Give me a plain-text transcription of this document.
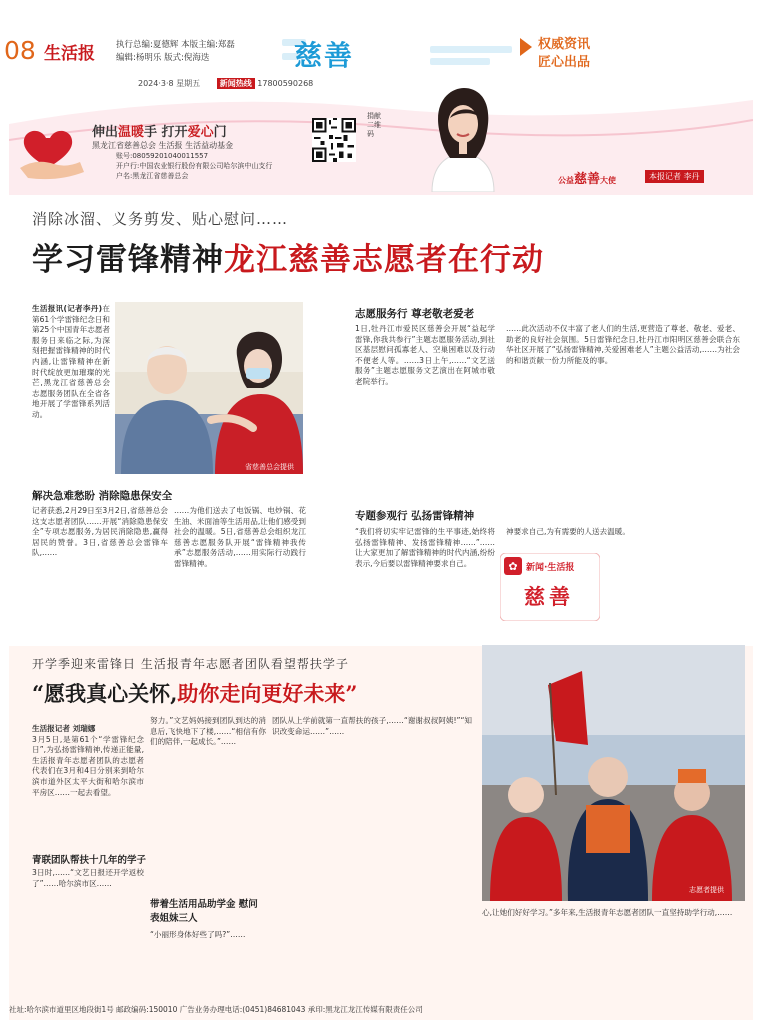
08 生活报 执行总编:夏德辉 本版主编:郑磊
编辑:杨明乐 版式:倪海迭	慈善	权威资讯
匠心出品
2024·3·8 星期五 新闻热线 17800590268
伸出温暖手 打开爱心门
黑龙江省慈善总会 生活报 生活益动基金
账号:08059201040011557
开户行:中国农业银行股份有限公司哈尔滨中山支行
户名:黑龙江省慈善总会
捐献二维码
公益慈善大使	本报记者 李丹
消除冰溜、义务剪发、贴心慰问……
学习雷锋精神龙江慈善志愿者在行动
生活报讯(记者李丹)在第61个学雷锋纪念日和第25个中国青年志愿者服务日来临之际,为深刻把握雷锋精神的时代内涵,让雷锋精神在新时代绽放更加璀璨的光芒,黑龙江省慈善总会志愿服务团队在全省各地开展了学雷锋系列活动。
省慈善总会提供
解决急难愁盼 消除隐患保安全
记者获悉,2月29日至3月2日,省慈善总会这支志愿者团队……开展“消除隐患保安全”专项志愿服务,为居民消除隐患,赢得居民的赞誉。3日,省慈善总会雷锋车队,……
……为他们送去了电饭锅、电炒锅、花生油、米面油等生活用品,让他们感受到社会的温暖。5日,省慈善总会组织龙江慈善志愿服务队开展“雷锋精神我传承”志愿服务活动,……用实际行动践行雷锋精神。
志愿服务行 尊老敬老爱老
1日,牡丹江市爱民区慈善会开展“益起学雷锋,你我共参行”主题志愿服务活动,到社区基层慰问孤寡老人、空巢困难以及行动不便老人等。……3日上午,……“文艺送服务”主题志愿服务文艺演出在阿城市敬老院举行。
……此次活动不仅丰富了老人们的生活,更营造了尊老、敬老、爱老、助老的良好社会氛围。5日雷锋纪念日,牡丹江市阳明区慈善会联合东华社区开展了“弘扬雷锋精神,关爱困难老人”主题公益活动,……为社会的和谐贡献一份力所能及的事。
专题参观行 弘扬雷锋精神
“我们将切实牢记雷锋的生平事迹,始终将弘扬雷锋精神、发扬雷锋精神……”……让大家更加了解雷锋精神的时代内涵,纷纷表示,今后要以雷锋精神要求自己。
神要求自己,为有需要的人送去温暖。
✿ 新闻·生活报
慈善
开学季迎来雷锋日 生活报青年志愿者团队看望帮扶学子
“愿我真心关怀,助你走向更好未来”
生活报记者 刘瑞娜
3月5日,是第61个“学雷锋纪念日”,为弘扬雷锋精神,传递正能量,生活报青年志愿者团队的志愿者代表们在3月和4日分别来到哈尔滨市道外区太平大街和哈尔滨市平房区……一起去看望。
青联团队帮扶十几年的学子
3日时,……“文艺日报还开学返校了”……哈尔滨市区……
努力。”文艺妈妈接到团队到达的消息后,飞快地下了楼,……“相信有你们的陪伴,一起成长。”……
带着生活用品助学金 慰问表姐妹三人
“小丽形身体好些了吗?”……
团队从上学前就第一直帮扶的孩子,……“谢谢叔叔阿姨!”“知识改变命运……”……
志愿者提供
心,让她们好好学习。”多年来,生活报青年志愿者团队一直坚持助学行动,……
社址:哈尔滨市道里区地段街1号 邮政编码:150010 广告业务办理电话:(0451)84681043 承印:黑龙江龙江传媒有限责任公司
